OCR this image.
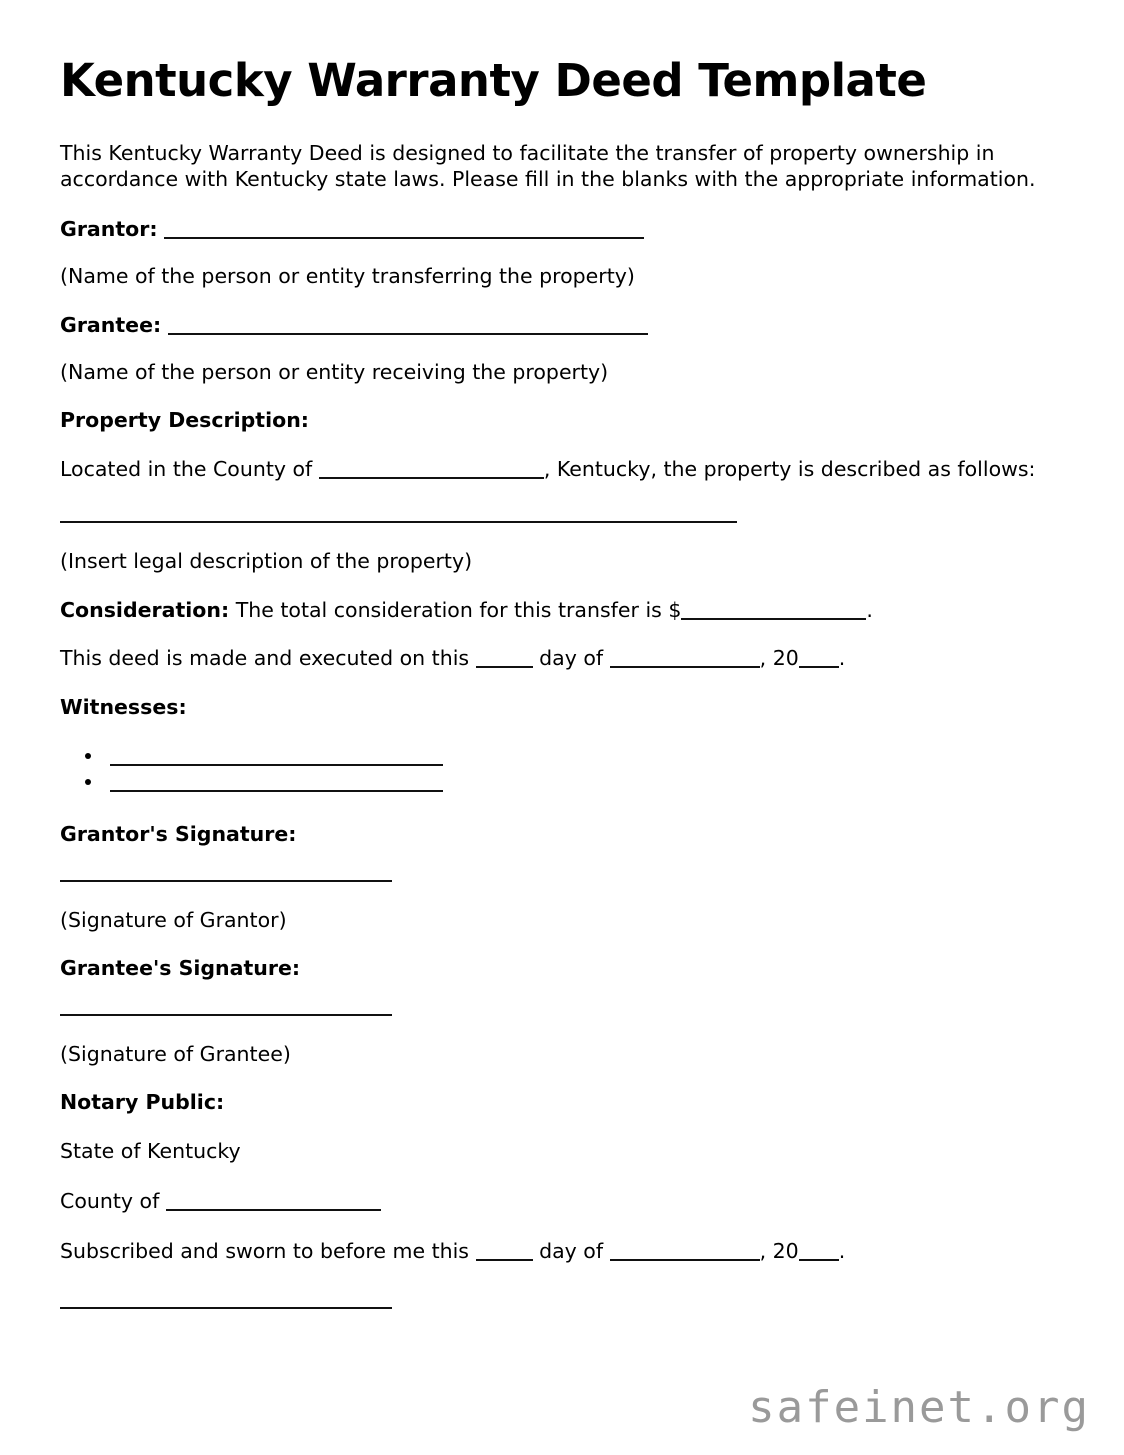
Kentucky Warranty Deed Template

This Kentucky Warranty Deed is designed to facilitate the transfer of property ownership in accordance with Kentucky state laws. Please fill in the blanks with the appropriate information.

Grantor:

(Name of the person or entity transferring the property)

Grantee:

(Name of the person or entity receiving the property)

Property Description:

Located in the County of	, Kentucky, the property is described as follows:

(Insert legal description of the property)

Consideration: The total consideration for this transfer is $	.

This deed is made and executed on this	day of	, 20 .

Witnesses:
•
•
Grantor's Signature:

(Signature of Grantor)

Grantee's Signature:

(Signature of Grantee)

Notary Public:

State of Kentucky

County of

Subscribed and sworn to before me this	day of	, 20 .

safeinet.org
